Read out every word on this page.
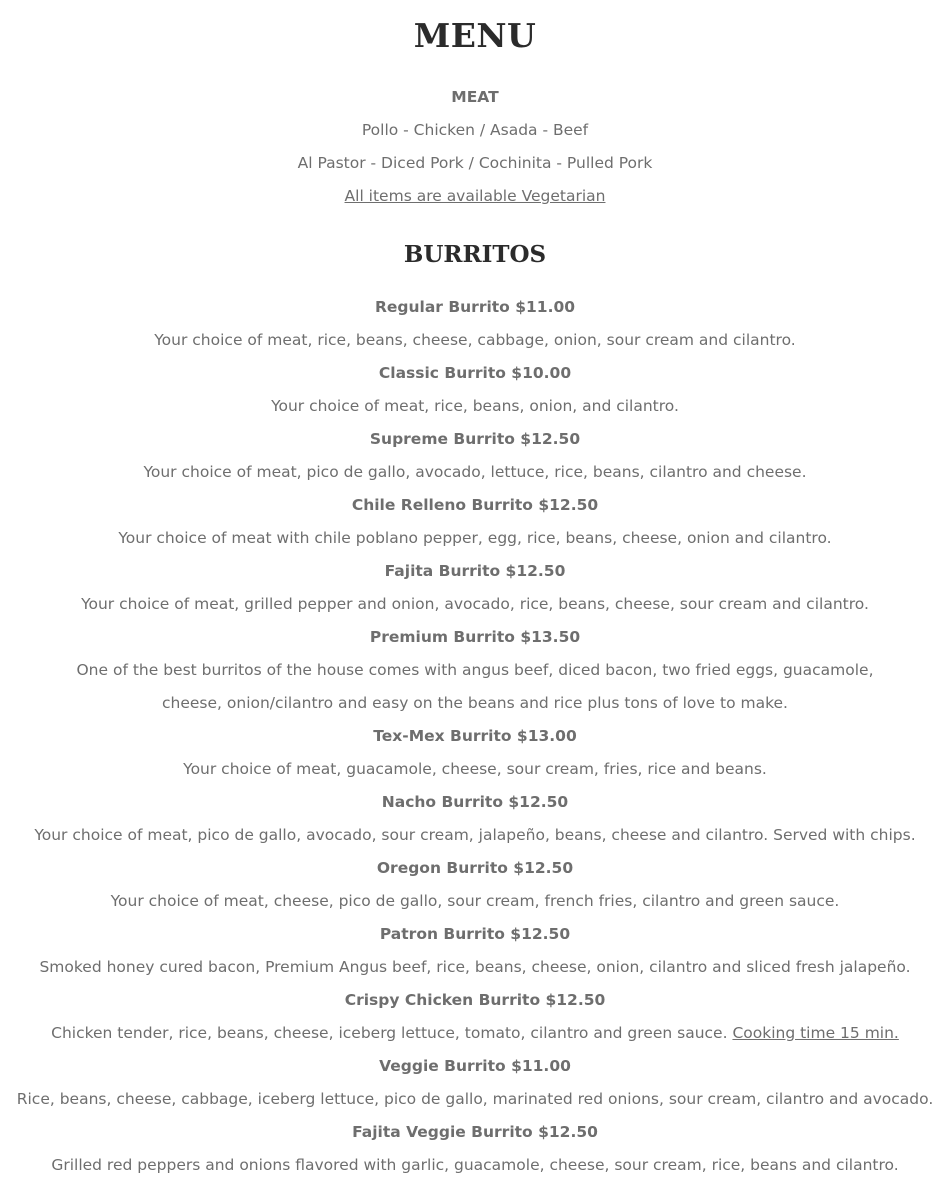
MENU
MEAT
Pollo - Chicken / Asada - Beef
Al Pastor - Diced Pork / Cochinita - Pulled Pork
All items are available Vegetarian
BURRITOS
Regular Burrito $11.00
Your choice of meat, rice, beans, cheese, cabbage, onion, sour cream and cilantro.
Classic Burrito $10.00
Your choice of meat, rice, beans, onion, and cilantro.
Supreme Burrito $12.50
Your choice of meat, pico de gallo, avocado, lettuce, rice, beans, cilantro and cheese.
Chile Relleno Burrito $12.50
Your choice of meat with chile poblano pepper, egg, rice, beans, cheese, onion and cilantro.
Fajita Burrito $12.50
Your choice of meat, grilled pepper and onion, avocado, rice, beans, cheese, sour cream and cilantro.
Premium Burrito $13.50
One of the best burritos of the house comes with angus beef, diced bacon, two fried eggs, guacamole, cheese, onion/cilantro and easy on the beans and rice plus tons of love to make.
Tex-Mex Burrito $13.00
Your choice of meat, guacamole, cheese, sour cream, fries, rice and beans.
Nacho Burrito $12.50
Your choice of meat, pico de gallo, avocado, sour cream, jalapeño, beans, cheese and cilantro. Served with chips.
Oregon Burrito $12.50
Your choice of meat, cheese, pico de gallo, sour cream, french fries, cilantro and green sauce.
Patron Burrito $12.50
Smoked honey cured bacon, Premium Angus beef, rice, beans, cheese, onion, cilantro and sliced fresh jalapeño.
Crispy Chicken Burrito $12.50
Chicken tender, rice, beans, cheese, iceberg lettuce, tomato, cilantro and green sauce. Cooking time 15 min.
Veggie Burrito $11.00
Rice, beans, cheese, cabbage, iceberg lettuce, pico de gallo, marinated red onions, sour cream, cilantro and avocado.
Fajita Veggie Burrito $12.50
Grilled red peppers and onions flavored with garlic, guacamole, cheese, sour cream, rice, beans and cilantro.
